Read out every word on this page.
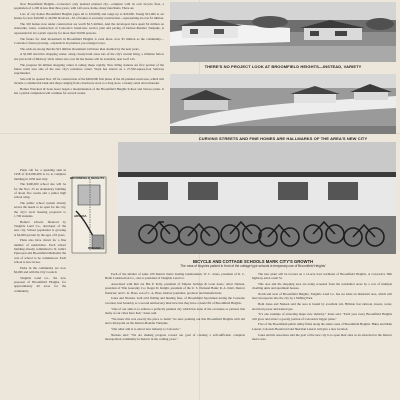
New Broomfield Heights—Colorado's only planned planned city—complete with its own bicycle fleet, a population of 1,200 in less than three years, with 140 acres, home, many merchants. There are

Lots of city homes Broomfield Heights (ages 40 to $10,000) and range up to $20,000. Young $15,000 to set homes for new $20,000 to 40,000 involved—$3 of homes at economy construction—representing an over $1 million.

The 100 homes now under construction are worth $2.5 million. And the developers have spent $2 million on sidewalks, water, construction of Colorado's brand-new service plan and paving of Denver-Boulder Turnpike, is represented in tax a plant capacity for more than 50,000 persons.

The future for land investment in Broomfield Heights is even more, now $3 million as the community—Colorado's fastest growing—expands in its planned, pre-arranged ways.

The odds are strong that the $15 million investment will more than doubled by the next years.

A $1,000 attractive shopping center, along closely-built areas lots of the city's current King, a Zilliarus fellow site just north of Midway. Well, where also over 60 has homes will be available, near Golf 145.

The progress $4 million shopping center is taking shape rapidly. New tilling stations are first portion of the future retail area side of the new city's residence center. Work has started on a 27,500-square-foot Safeway supermarket.

Sale will be opened Nov. 28 for construction of the $400,000 first phase of the 20-planned retail area, which will include a commercial bank and shops ranging from a hardware store to a drug store, a beauty salon and restaurant.

Homes Wreckers & Sons dozer began a modernization of the Broomfield Heights School and Terrace plans. It has a partial completion will continue for several weeks.

THERE'S NO PROJECT LOOK AT BROOMFIELD HEIGHTS—INSTEAD, VARIETY
CURVING STREETS AND FINE HOMES ARE HALLMARKS OF THE AREA'S NEW CITY

Plans call for a spending sum in 1958 of $10,000,000 to be at complete building in 1959 next July.

The $400,000 school site will be for the Nov. 25 an elementary building of about five rooms and a junior high school wing.

The public school system already serves the needs to be open for the city, the city's local housing projected to 1,700 students.

Home's schools financed by Tangible Land Co., developer of the new city. School population is growing at $4,000 percent by the ages of 8 years.

Plans also have drawn for a fine number of sandwiches. Each school building already committed to St. John's Episcopal and Broomfield Methodist the cost of school to be commenced. Each school is now in use.

Parks in the community are now $6,000 and with the City Council.

Tangible Land Co., the new proposal of Broomfield Heights, for approximately 40 acres for the community.

BROOMFIELD HEIGHTS
ARVADA
DENVER
BICYCLE AND COTTAGE SCHOOLS MARK CITY'S GROWTH
The rows of bicycles parked in front of the cottage type schools is temporary use of Broomfield Heights'

Each of the smaller of some 100 Denver men's leading businessmen, W. C. Jones, president of R. C. Heidt Construction Co., also is president of Tangible Land Co.

Associated with him are Hal P. Petty, president of Empire Savings & Loan Assn.; Alvet Nielsen, president of Title Guaranty Co.; Roger D. Knight, president of the U. S. National Bank; R. A. Klatt, Denver financier; and C. K. Haas, son of C. A. Haas, Denver journalist, producer and manufacturer.

Jones and Nielsen, both avid fishing and hunting fans, of Broomfield Sportsmen during the Colorado vacation, had Saturday to a second anniversary interview that they have a doubt fill of Broomfield Heights.

"One of our aims is to achieve a perfectly planned city which has none of the overtones or patterns that many of our cities have had," Jones said.

"We knew this was exactly the place to build," he said, pointing out that Broomfield Heights with rail and a mid-point on the Denver-Boulder Turnpike.

"Our other aim is to attract new industry to Colorado."

Nielsen said: "We are making progress toward our goal of creating a self-sufficient, complete metropolitan community in Denver in the coming years."

The new plant will be located on a 14-acre tract northeast of Broomfield Heights, at Colorado's 36th highway and Lowell St.

This area and the shopping area are being screened from the residential areas by a row of multiple dwelling units and apartment houses.

North and west of Broomfield Heights, Tangible Land Co. has set aside an Industrial area, which will later incorporate into the city by a Milling Park.

Both Jones and Nielsen said the area is bound by excellent rail, Hillside fast railroad, streets, water, electrical power and natural gas.

"It's one example of attracting major new industry," Jones said. "Each year every Broomfield Heights will grow and attract a goodly portion of Colorado's bigger plans."

Five of the Broomfield public utility firms along the entire route of Broomfield Heights. Hikes and Main Lateral, Colorado Boulevard and Sheridan Lateral will give a new location.

Jones and his associates said the goal of the new city is to open their sites as an attraction in the Denver metro area.
